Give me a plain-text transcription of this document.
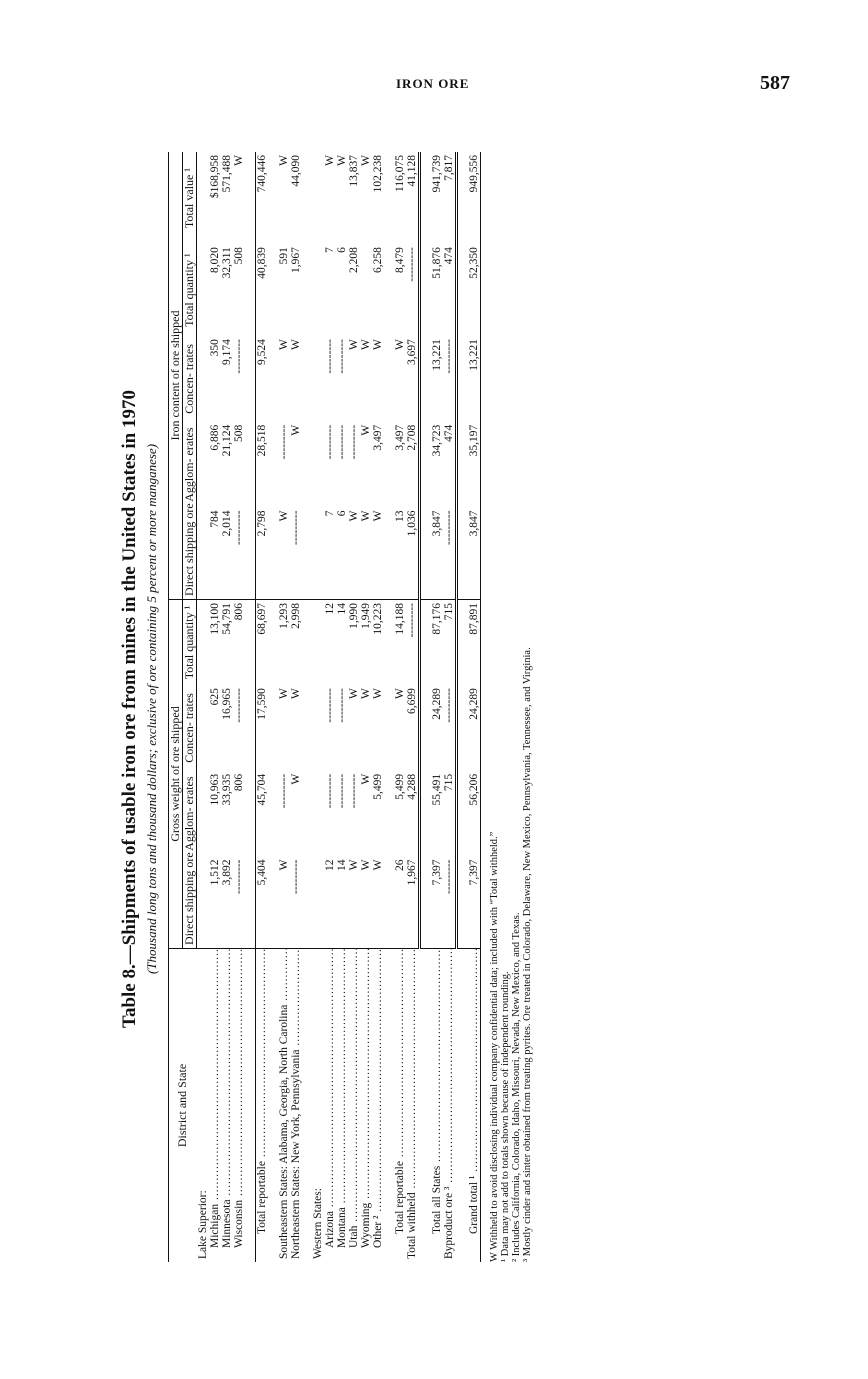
IRON ORE	587
Table 8.—Shipments of usable iron ore from mines in the United States in 1970 (Thousand long tons and thousand dollars; exclusive of ore containing 5 percent or more manganese)
District and State	Gross weight of ore shipped				Iron content of ore shipped				
	Direct shipping ore	Agglom- erates	Concen- trates	Total quantity ¹	Direct shipping ore	Agglom- erates	Concen- trates	Total quantity ¹	Total value ¹
Lake Superior:									
Michigan .....	1,512	10,963	625	13,100	784	6,886	350	8,020	$168,958
Minnesota .....	3,892	33,935	16,965	54,791	2,014	21,124	9,174	32,311	571,488
Wisconsin .....	---------	806	---------	806	---------	508	---------	508	W

Total reportable .....	5,404	45,704	17,590	68,697	2,798	28,518	9,524	40,839	740,446

Southeastern States: Alabama, Georgia, North Carolina .....	W	---------	W	1,293	W	---------	W	591	W
Northeastern States: New York, Pennsylvania .....	---------	W	W	2,998	---------	W	W	1,967	44,090

Western States:									
Arizona .....	12	---------	---------	12	7	---------	---------	7	W
Montana .....	14	---------	---------	14	6	---------	---------	6	W
Utah .....	W	---------	W	1,990	W	---------	W	2,208	13,837
Wyoming .....	W	W	W	1,949	W	W	W		W
Other ² .....	W	5,499	W	10,223	W	3,497	W	6,258	102,238

Total reportable .....	26	5,499	W	14,188	13	3,497	W	8,479	116,075
Total withheld .....	1,967	4,288	6,699	---------	1,036	2,708	3,697	---------	41,128

Total all States .....	7,397	55,491	24,289	87,176	3,847	34,723	13,221	51,876	941,739
Byproduct ore ³ .....	---------	715	---------	715	---------	474	---------	474	7,817

Grand total ¹ .....	7,397	56,206	24,289	87,891	3,847	35,197	13,221	52,350	949,556
W Withheld to avoid disclosing individual company confidential data; included with “Total withheld.” ¹ Data may not add to totals shown because of independent rounding. ² Includes California, Colorado, Idaho, Missouri, Nevada, New Mexico, and Texas. ³ Mostly cinder and sinter obtained from treating pyrites. Ore treated in Colorado, Delaware, New Mexico, Pennsylvania, Tennessee, and Virginia.
